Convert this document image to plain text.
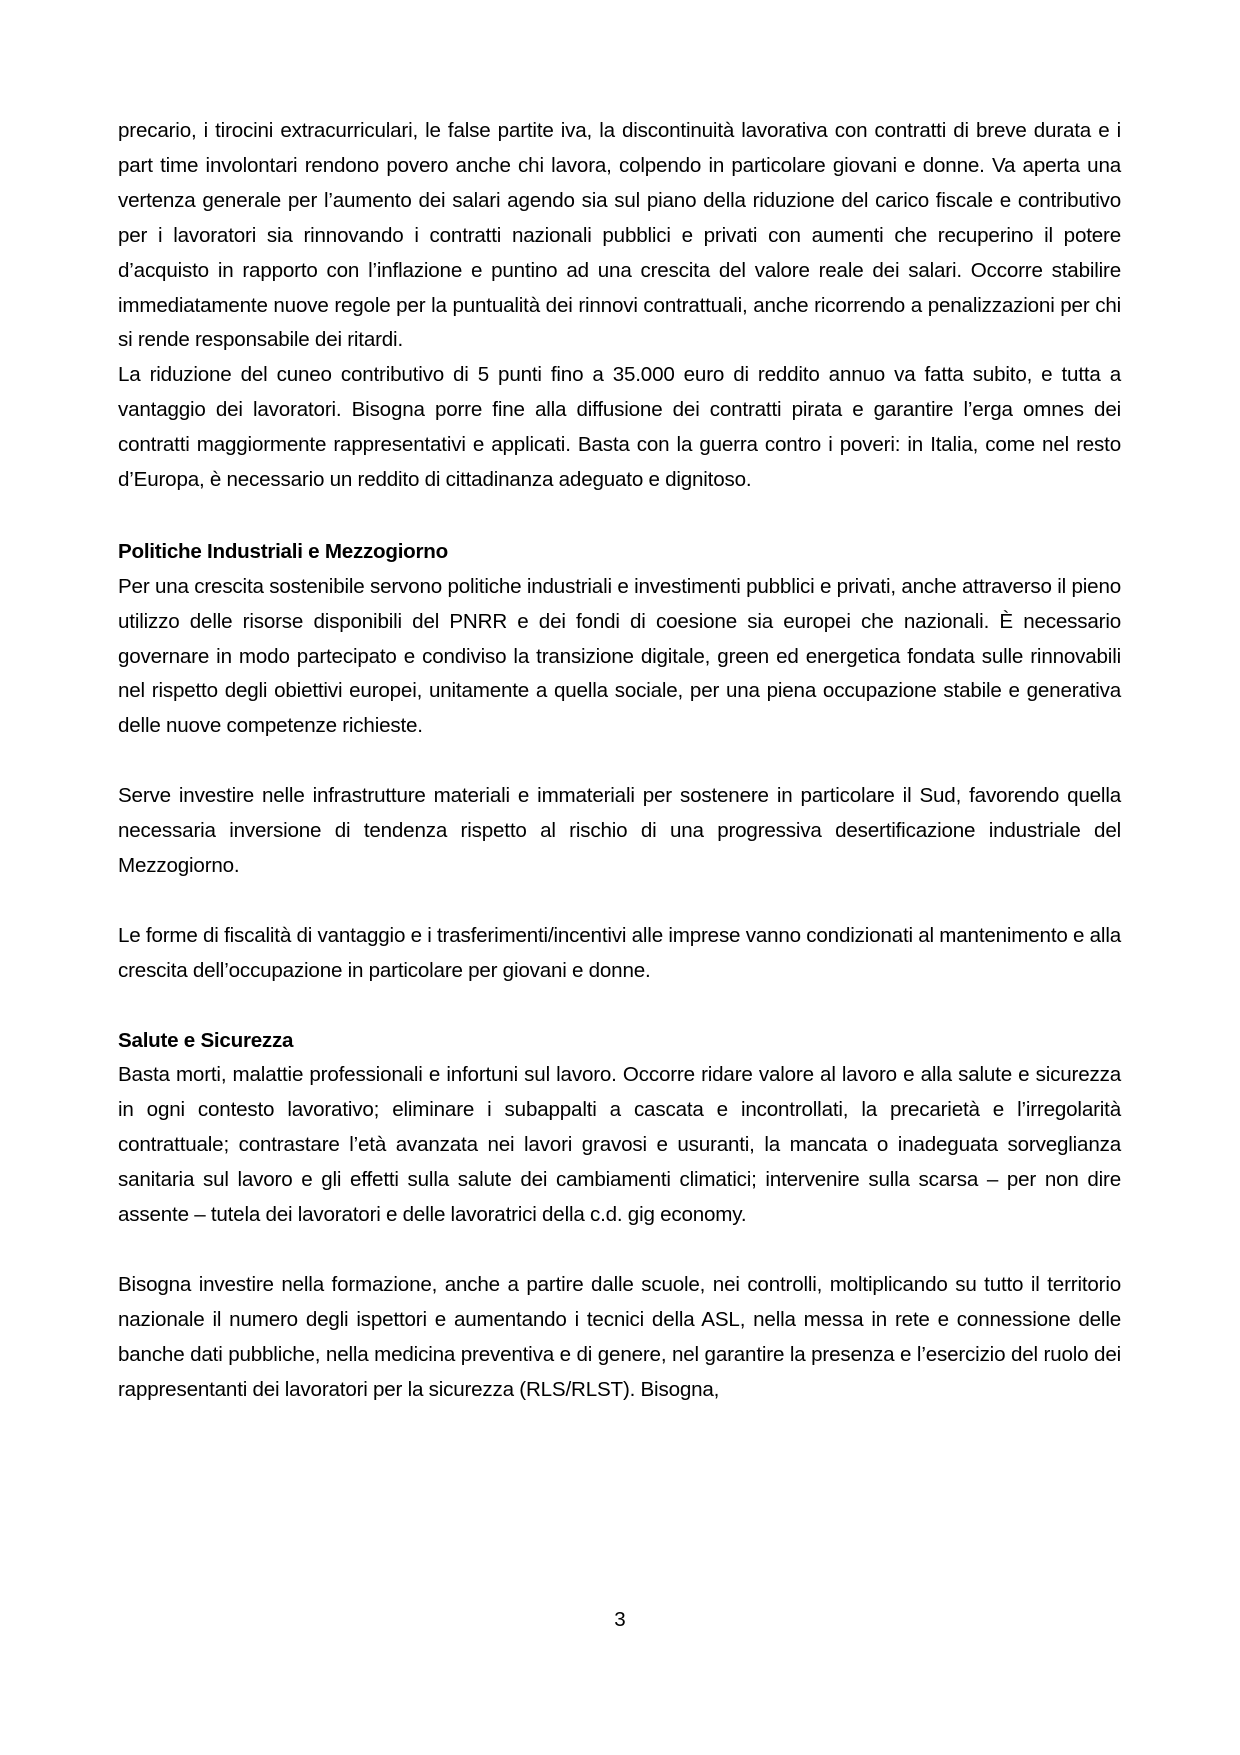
precario, i tirocini extracurriculari, le false partite iva, la discontinuità lavorativa con contratti di breve durata e i part time involontari rendono povero anche chi lavora, colpendo in particolare giovani e donne. Va aperta una vertenza generale per l’aumento dei salari agendo sia sul piano della riduzione del carico fiscale e contributivo per i lavoratori sia rinnovando i contratti nazionali pubblici e privati con aumenti che recuperino il potere d’acquisto in rapporto con l’inflazione e puntino ad una crescita del valore reale dei salari. Occorre stabilire immediatamente nuove regole per la puntualità dei rinnovi contrattuali, anche ricorrendo a penalizzazioni per chi si rende responsabile dei ritardi.

La riduzione del cuneo contributivo di 5 punti fino a 35.000 euro di reddito annuo va fatta subito, e tutta a vantaggio dei lavoratori. Bisogna porre fine alla diffusione dei contratti pirata e garantire l’erga omnes dei contratti maggiormente rappresentativi e applicati. Basta con la guerra contro i poveri: in Italia, come nel resto d’Europa, è necessario un reddito di cittadinanza adeguato e dignitoso.

Politiche Industriali e Mezzogiorno

Per una crescita sostenibile servono politiche industriali e investimenti pubblici e privati, anche attraverso il pieno utilizzo delle risorse disponibili del PNRR e dei fondi di coesione sia europei che nazionali. È necessario governare in modo partecipato e condiviso la transizione digitale, green ed energetica fondata sulle rinnovabili nel rispetto degli obiettivi europei, unitamente a quella sociale, per una piena occupazione stabile e generativa delle nuove competenze richieste.

Serve investire nelle infrastrutture materiali e immateriali per sostenere in particolare il Sud, favorendo quella necessaria inversione di tendenza rispetto al rischio di una progressiva desertificazione industriale del Mezzogiorno.

Le forme di fiscalità di vantaggio e i trasferimenti/incentivi alle imprese vanno condizionati al mantenimento e alla crescita dell’occupazione in particolare per giovani e donne.

Salute e Sicurezza

Basta morti, malattie professionali e infortuni sul lavoro. Occorre ridare valore al lavoro e alla salute e sicurezza in ogni contesto lavorativo; eliminare i subappalti a cascata e incontrollati, la precarietà e l’irregolarità contrattuale; contrastare l’età avanzata nei lavori gravosi e usuranti, la mancata o inadeguata sorveglianza sanitaria sul lavoro e gli effetti sulla salute dei cambiamenti climatici; intervenire sulla scarsa – per non dire assente – tutela dei lavoratori e delle lavoratrici della c.d. gig economy.

Bisogna investire nella formazione, anche a partire dalle scuole, nei controlli, moltiplicando su tutto il territorio nazionale il numero degli ispettori e aumentando i tecnici della ASL, nella messa in rete e connessione delle banche dati pubbliche, nella medicina preventiva e di genere, nel garantire la presenza e l’esercizio del ruolo dei rappresentanti dei lavoratori per la sicurezza (RLS/RLST). Bisogna,

3
